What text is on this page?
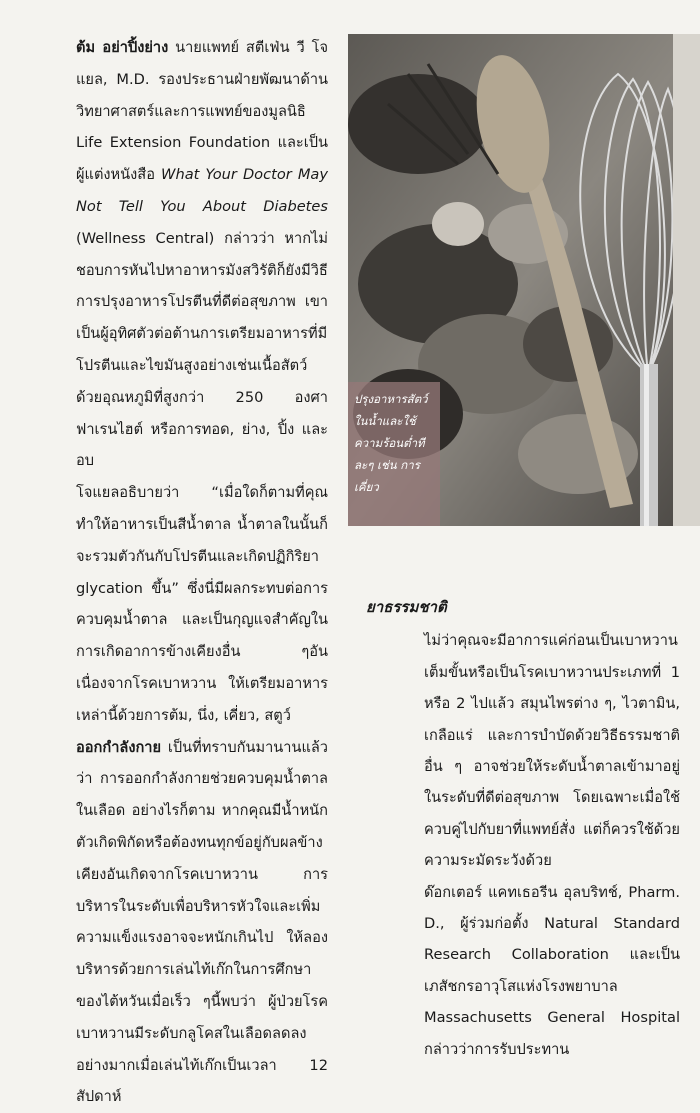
ต้ม อย่าปิ้งย่าง นายแพทย์ สตีเฟ่น วี โจแยล, M.D. รองประธานฝ่ายพัฒนาด้านวิทยาศาสตร์และการแพทย์ของมูลนิธิ Life Extension Foundation และเป็นผู้แต่งหนังสือ What Your Doctor May Not Tell You About Diabetes (Wellness Central) กล่าวว่า หากไม่ชอบการหันไปหาอาหารมังสวิรัติก็ยังมีวิธีการปรุงอาหารโปรตีนที่ดีต่อสุขภาพ เขาเป็นผู้อุทิศตัวต่อต้านการเตรียมอาหารที่มีโปรตีนและไขมันสูงอย่างเช่นเนื้อสัตว์ด้วยอุณหภูมิที่สูงกว่า 250 องศาฟาเรนไฮต์ หรือการทอด, ย่าง, ปิ้ง และอบ

โจแยลอธิบายว่า “เมื่อใดก็ตามที่คุณทำให้อาหารเป็นสีน้ำตาล น้ำตาลในนั้นก็จะรวมตัวกันกับโปรตีนและเกิดปฏิกิริยา glycation ขึ้น” ซึ่งนี่มีผลกระทบต่อการควบคุมน้ำตาล และเป็นกุญแจสำคัญในการเกิดอาการข้างเคียงอื่น ๆอันเนื่องจากโรคเบาหวาน ให้เตรียมอาหารเหล่านี้ด้วยการต้ม, นึ่ง, เคี่ยว, สตูว์

ออกกำลังกาย เป็นที่ทราบกันมานานแล้วว่า การออกกำลังกายช่วยควบคุมน้ำตาลในเลือด อย่างไรก็ตาม หากคุณมีน้ำหนักตัวเกิดพิกัดหรือต้องทนทุกข์อยู่กับผลข้างเคียงอันเกิดจากโรคเบาหวาน การบริหารในระดับเพื่อบริหารหัวใจและเพิ่มความแข็งแรงอาจจะหนักเกินไป ให้ลองบริหารด้วยการเล่นไท้เก๊กในการศึกษาของไต้หวันเมื่อเร็ว ๆนี้พบว่า ผู้ป่วยโรคเบาหวานมีระดับกลูโคสในเลือดลดลงอย่างมากเมื่อเล่นไท้เก๊กเป็นเวลา 12 สัปดาห์

ปรุงอาหารสัตว์ในน้ำและใช้ความร้อนต่ำทีละๆ เช่น การเคี่ยว

ยาธรรมชาติ

ไม่ว่าคุณจะมีอาการแค่ก่อนเป็นเบาหวานเต็มขั้นหรือเป็นโรคเบาหวานประเภทที่ 1 หรือ 2 ไปแล้ว สมุนไพรต่าง ๆ, ไวตามิน, เกลือแร่ และการบำบัดด้วยวิธีธรรมชาติอื่น ๆ อาจช่วยให้ระดับน้ำตาลเข้ามาอยู่ในระดับที่ดีต่อสุขภาพ โดยเฉพาะเมื่อใช้ควบคู่ไปกับยาที่แพทย์สั่ง แต่ก็ควรใช้ด้วยความระมัดระวังด้วย

ด๊อกเตอร์ แคทเธอรีน อุลบริทช์, Pharm. D., ผู้ร่วมก่อตั้ง Natural Standard Research Collaboration และเป็นเภสัชกรอาวุโสแห่งโรงพยาบาล Massachusetts General Hospital กล่าวว่าการรับประทาน
